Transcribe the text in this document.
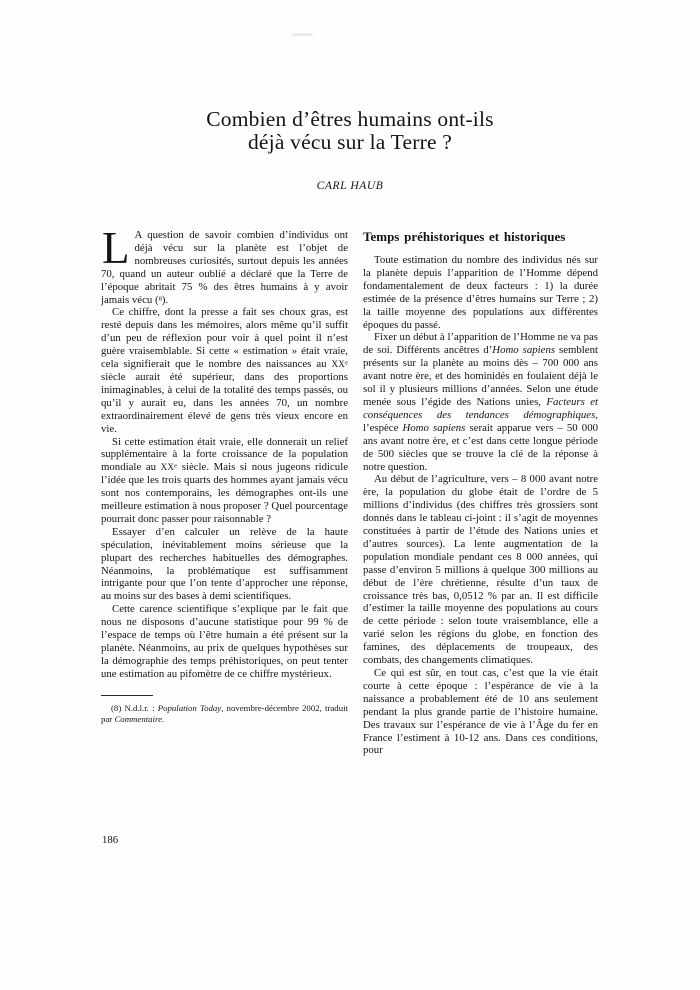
Combien d’êtres humains ont-ils
déjà vécu sur la Terre ?
CARL HAUB

L A question de savoir combien d’individus ont déjà vécu sur la planète est l’objet de nombreuses curiosités, surtout depuis les années 70, quand un auteur oublié a déclaré que la Terre de l’époque abritait 75 % des êtres humains à y avoir jamais vécu ($^8$).

Ce chiffre, dont la presse a fait ses choux gras, est resté depuis dans les mémoires, alors même qu’il suffit d’un peu de réflexion pour voir à quel point il n’est guère vraisemblable. Si cette « estimation » était vraie, cela signifierait que le nombre des naissances au XXe siècle aurait été supérieur, dans des proportions inimaginables, à celui de la totalité des temps passés, ou qu’il y aurait eu, dans les années 70, un nombre extraordinairement élevé de gens très vieux encore en vie.

Si cette estimation était vraie, elle donnerait un relief supplémentaire à la forte croissance de la population mondiale au XXe siècle. Mais si nous jugeons ridicule l’idée que les trois quarts des hommes ayant jamais vécu sont nos contemporains, les démographes ont-ils une meilleure estimation à nous proposer ? Quel pourcentage pourrait donc passer pour raisonnable ?

Essayer d’en calculer un relève de la haute spéculation, inévitablement moins sérieuse que la plupart des recherches habituelles des démographes. Néanmoins, la problématique est suffisamment intrigante pour que l’on tente d’approcher une réponse, au moins sur des bases à demi scientifiques.

Cette carence scientifique s’explique par le fait que nous ne disposons d’aucune statistique pour 99 % de l’espace de temps où l’être humain a été présent sur la planète. Néanmoins, au prix de quelques hypothèses sur la démographie des temps préhistoriques, on peut tenter une estimation au pifomètre de ce chiffre mystérieux.

(8) N.d.l.r. : Population Today, novembre-décembre 2002, traduit par Commentaire.

Temps préhistoriques et historiques

Toute estimation du nombre des individus nés sur la planète depuis l’apparition de l’Homme dépend fondamentalement de deux facteurs : 1) la durée estimée de la présence d’êtres humains sur Terre ; 2) la taille moyenne des populations aux différentes époques du passé.

Fixer un début à l’apparition de l’Homme ne va pas de soi. Différents ancêtres d’Homo sapiens semblent présents sur la planète au moins dès – 700 000 ans avant notre ère, et des hominidés en foulaient déjà le sol il y plusieurs millions d’années. Selon une étude menée sous l’égide des Nations unies, Facteurs et conséquences des tendances démographiques, l’espèce Homo sapiens serait apparue vers – 50 000 ans avant notre ère, et c’est dans cette longue période de 500 siècles que se trouve la clé de la réponse à notre question.

Au début de l’agriculture, vers – 8 000 avant notre ère, la population du globe était de l’ordre de 5 millions d’individus (des chiffres très grossiers sont donnés dans le tableau ci-joint : il s’agit de moyennes constituées à partir de l’étude des Nations unies et d’autres sources). La lente augmentation de la population mondiale pendant ces 8 000 années, qui passe d’environ 5 millions à quelque 300 millions au début de l’ère chrétienne, résulte d’un taux de croissance très bas, 0,0512 % par an. Il est difficile d’estimer la taille moyenne des populations au cours de cette période : selon toute vraisemblance, elle a varié selon les régions du globe, en fonction des famines, des déplacements de troupeaux, des combats, des changements climatiques.

Ce qui est sûr, en tout cas, c’est que la vie était courte à cette époque : l’espérance de vie à la naissance a probablement été de 10 ans seulement pendant la plus grande partie de l’histoire humaine. Des travaux sur l’espérance de vie à l’Âge du fer en France l’estiment à 10-12 ans. Dans ces conditions, pour

186
